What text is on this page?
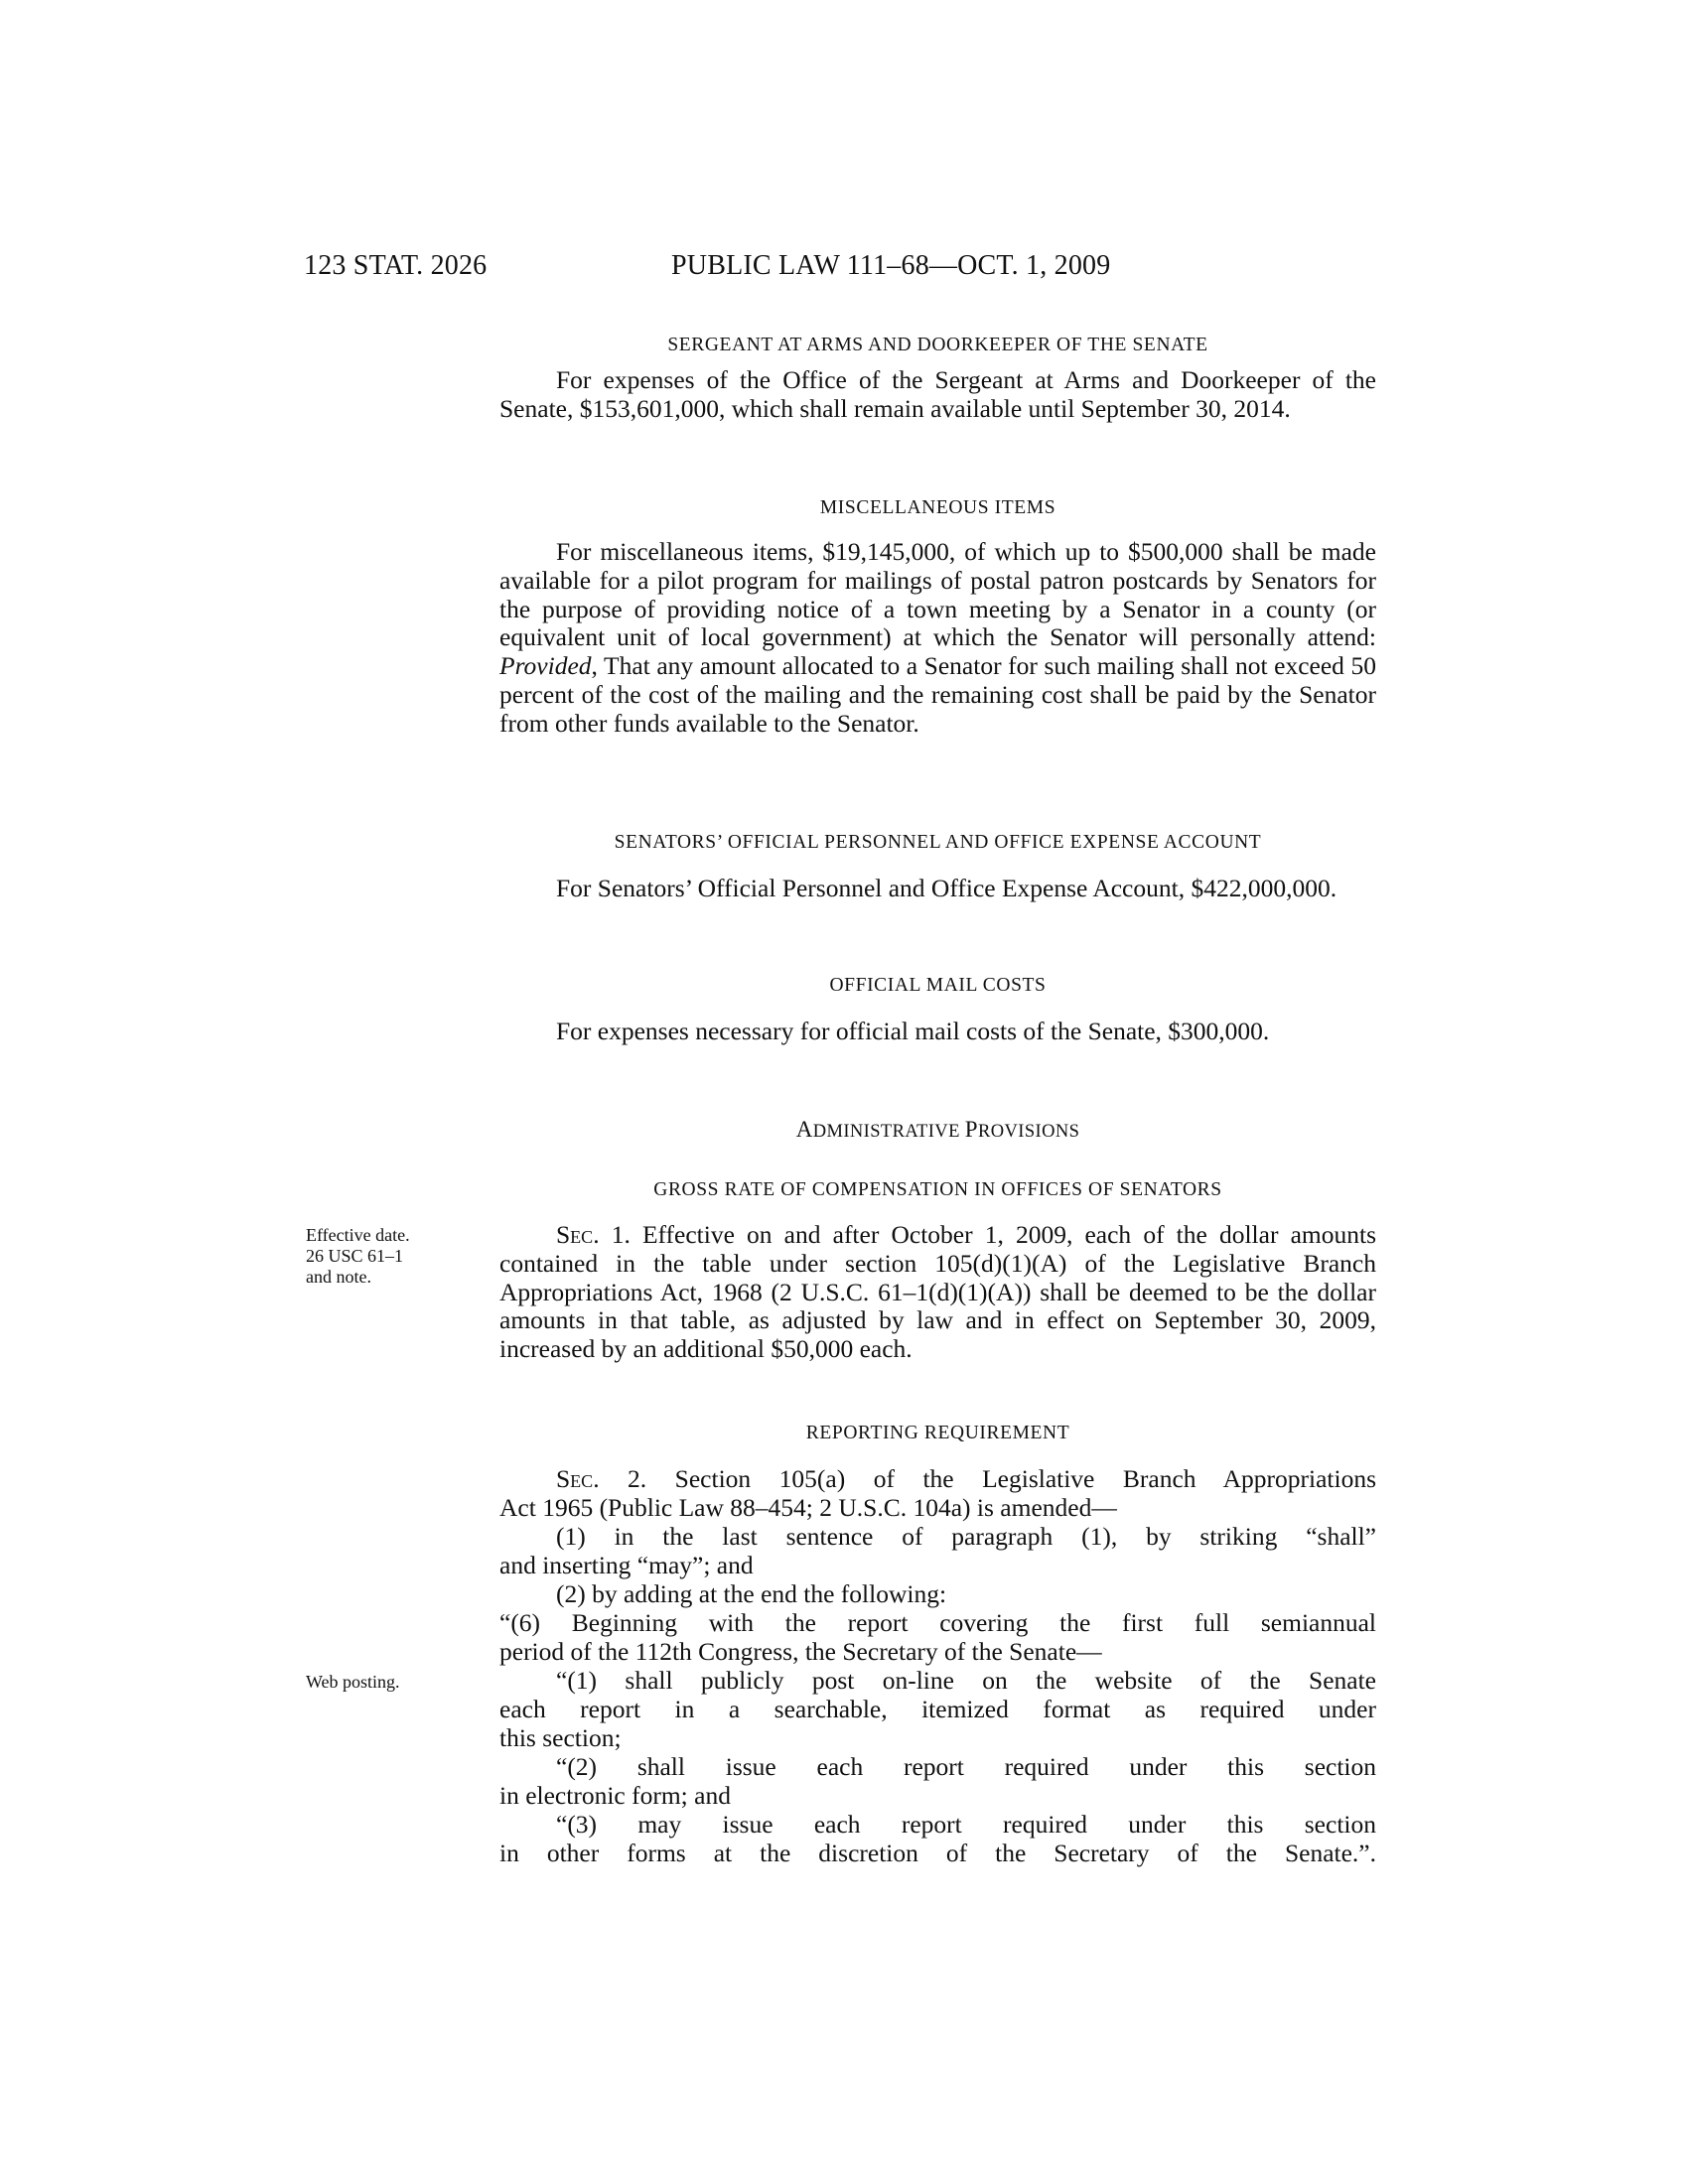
123 STAT. 2026	PUBLIC LAW 111–68—OCT. 1, 2009
SERGEANT AT ARMS AND DOORKEEPER OF THE SENATE

For expenses of the Office of the Sergeant at Arms and Doorkeeper of the Senate, $153,601,000, which shall remain available until September 30, 2014.

MISCELLANEOUS ITEMS

For miscellaneous items, $19,145,000, of which up to $500,000 shall be made available for a pilot program for mailings of postal patron postcards by Senators for the purpose of providing notice of a town meeting by a Senator in a county (or equivalent unit of local government) at which the Senator will personally attend: Provided, That any amount allocated to a Senator for such mailing shall not exceed 50 percent of the cost of the mailing and the remaining cost shall be paid by the Senator from other funds available to the Senator.

SENATORS’ OFFICIAL PERSONNEL AND OFFICE EXPENSE ACCOUNT

For Senators’ Official Personnel and Office Expense Account, $422,000,000.

OFFICIAL MAIL COSTS

For expenses necessary for official mail costs of the Senate, $300,000.

ADMINISTRATIVE PROVISIONS
GROSS RATE OF COMPENSATION IN OFFICES OF SENATORS

Effective date.
26 USC 61–1
and note.

Sec. 1. Effective on and after October 1, 2009, each of the dollar amounts contained in the table under section 105(d)(1)(A) of the Legislative Branch Appropriations Act, 1968 (2 U.S.C. 61–1(d)(1)(A)) shall be deemed to be the dollar amounts in that table, as adjusted by law and in effect on September 30, 2009, increased by an additional $50,000 each.

REPORTING REQUIREMENT

Sec. 2. Section 105(a) of the Legislative Branch Appropriations

Act 1965 (Public Law 88–454; 2 U.S.C. 104a) is amended—

(1) in the last sentence of paragraph (1), by striking “shall”

and inserting “may”; and

(2) by adding at the end the following:

“(6) Beginning with the report covering the first full semiannual

period of the 112th Congress, the Secretary of the Senate—

Web posting.	“(1) shall publicly post on-line on the website of the Senate

each report in a searchable, itemized format as required under

this section;

“(2) shall issue each report required under this section

in electronic form; and

“(3) may issue each report required under this section

in other forms at the discretion of the Secretary of the Senate.”.
